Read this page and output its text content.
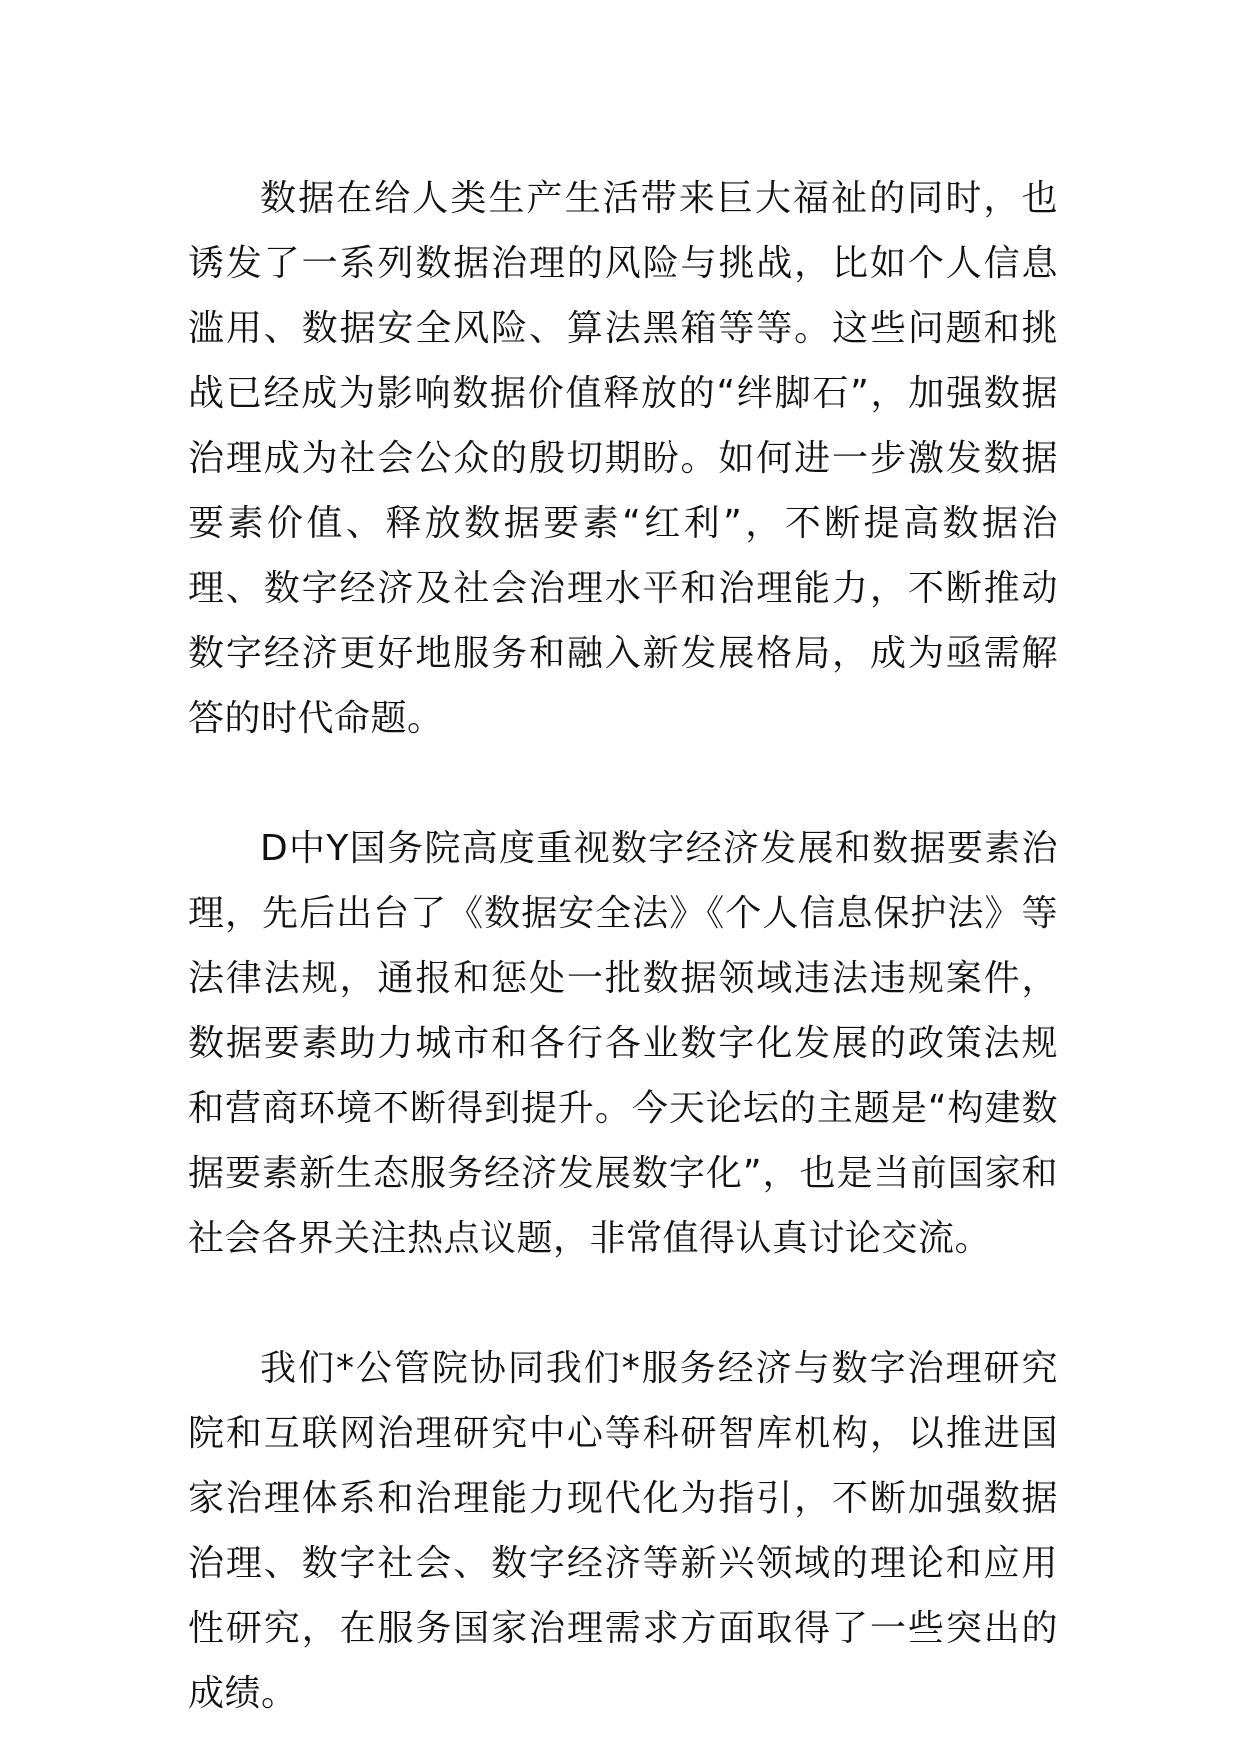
数据在给人类生产生活带来巨大福祉的同时，也诱发了一系列数据治理的风险与挑战，比如个人信息滥用、数据安全风险、算法黑箱等等。这些问题和挑战已经成为影响数据价值释放的“绊脚石”，加强数据治理成为社会公众的殷切期盼。如何进一步激发数据要素价值、释放数据要素“红利”，不断提高数据治理、数字经济及社会治理水平和治理能力，不断推动数字经济更好地服务和融入新发展格局，成为亟需解答的时代命题。

D中Y国务院高度重视数字经济发展和数据要素治理，先后出台了《数据安全法》《个人信息保护法》等法律法规，通报和惩处一批数据领域违法违规案件，数据要素助力城市和各行各业数字化发展的政策法规和营商环境不断得到提升。今天论坛的主题是“构建数据要素新生态服务经济发展数字化”，也是当前国家和社会各界关注热点议题，非常值得认真讨论交流。

我们*公管院协同我们*服务经济与数字治理研究院和互联网治理研究中心等科研智库机构，以推进国家治理体系和治理能力现代化为指引，不断加强数据治理、数字社会、数字经济等新兴领域的理论和应用性研究，在服务国家治理需求方面取得了一些突出的成绩。
